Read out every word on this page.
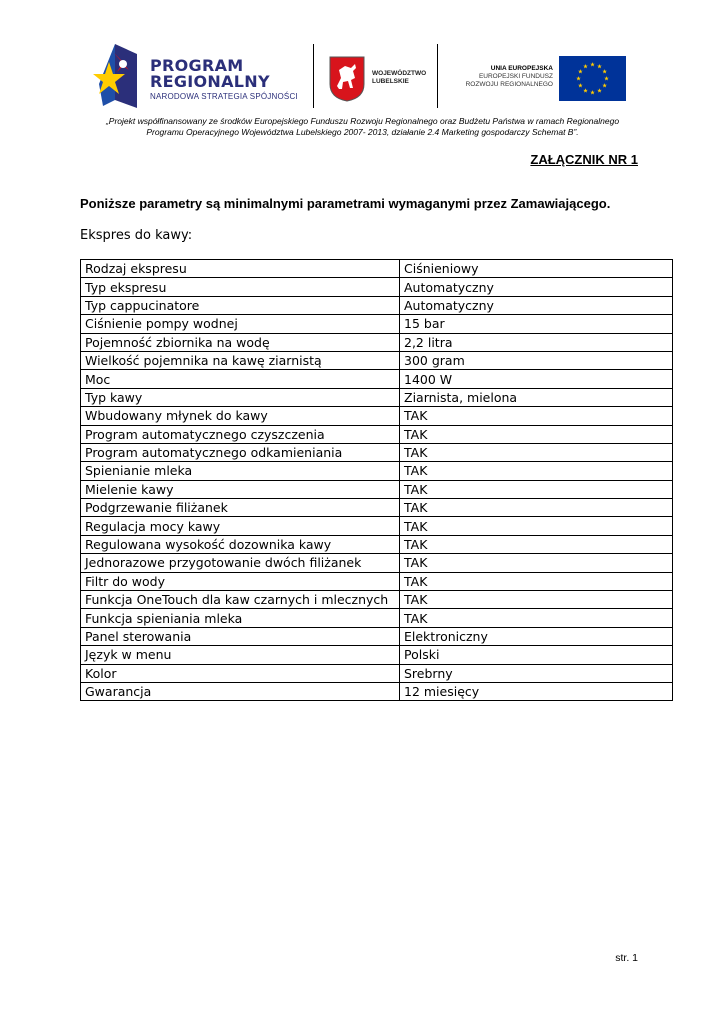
PROGRAM
REGIONALNY
NARODOWA STRATEGIA SPÓJNOŚCI
WOJEWÓDZTWO
LUBELSKIE
UNIA EUROPEJSKA
EUROPEJSKI FUNDUSZ
ROZWOJU REGIONALNEGO
„Projekt współfinansowany ze środków Europejskiego Funduszu Rozwoju Regionalnego oraz Budżetu Państwa w ramach Regionalnego
Programu Operacyjnego Województwa Lubelskiego 2007- 2013, działanie 2.4 Marketing gospodarczy Schemat B”.
ZAŁĄCZNIK NR 1
Poniższe parametry są minimalnymi parametrami wymaganymi przez Zamawiającego.
Ekspres do kawy:
Rodzaj ekspresu	Ciśnieniowy
Typ ekspresu	Automatyczny
Typ cappucinatore	Automatyczny
Ciśnienie pompy wodnej	15 bar
Pojemność zbiornika na wodę	2,2 litra
Wielkość pojemnika na kawę ziarnistą	300 gram
Moc	1400 W
Typ kawy	Ziarnista, mielona
Wbudowany młynek do kawy	TAK
Program automatycznego czyszczenia	TAK
Program automatycznego odkamieniania	TAK
Spienianie mleka	TAK
Mielenie kawy	TAK
Podgrzewanie filiżanek	TAK
Regulacja mocy kawy	TAK
Regulowana wysokość dozownika kawy	TAK
Jednorazowe przygotowanie dwóch filiżanek	TAK
Filtr do wody	TAK
Funkcja OneTouch dla kaw czarnych i mlecznych	TAK
Funkcja spieniania mleka	TAK
Panel sterowania	Elektroniczny
Język w menu	Polski
Kolor	Srebrny
Gwarancja	12 miesięcy
str. 1
